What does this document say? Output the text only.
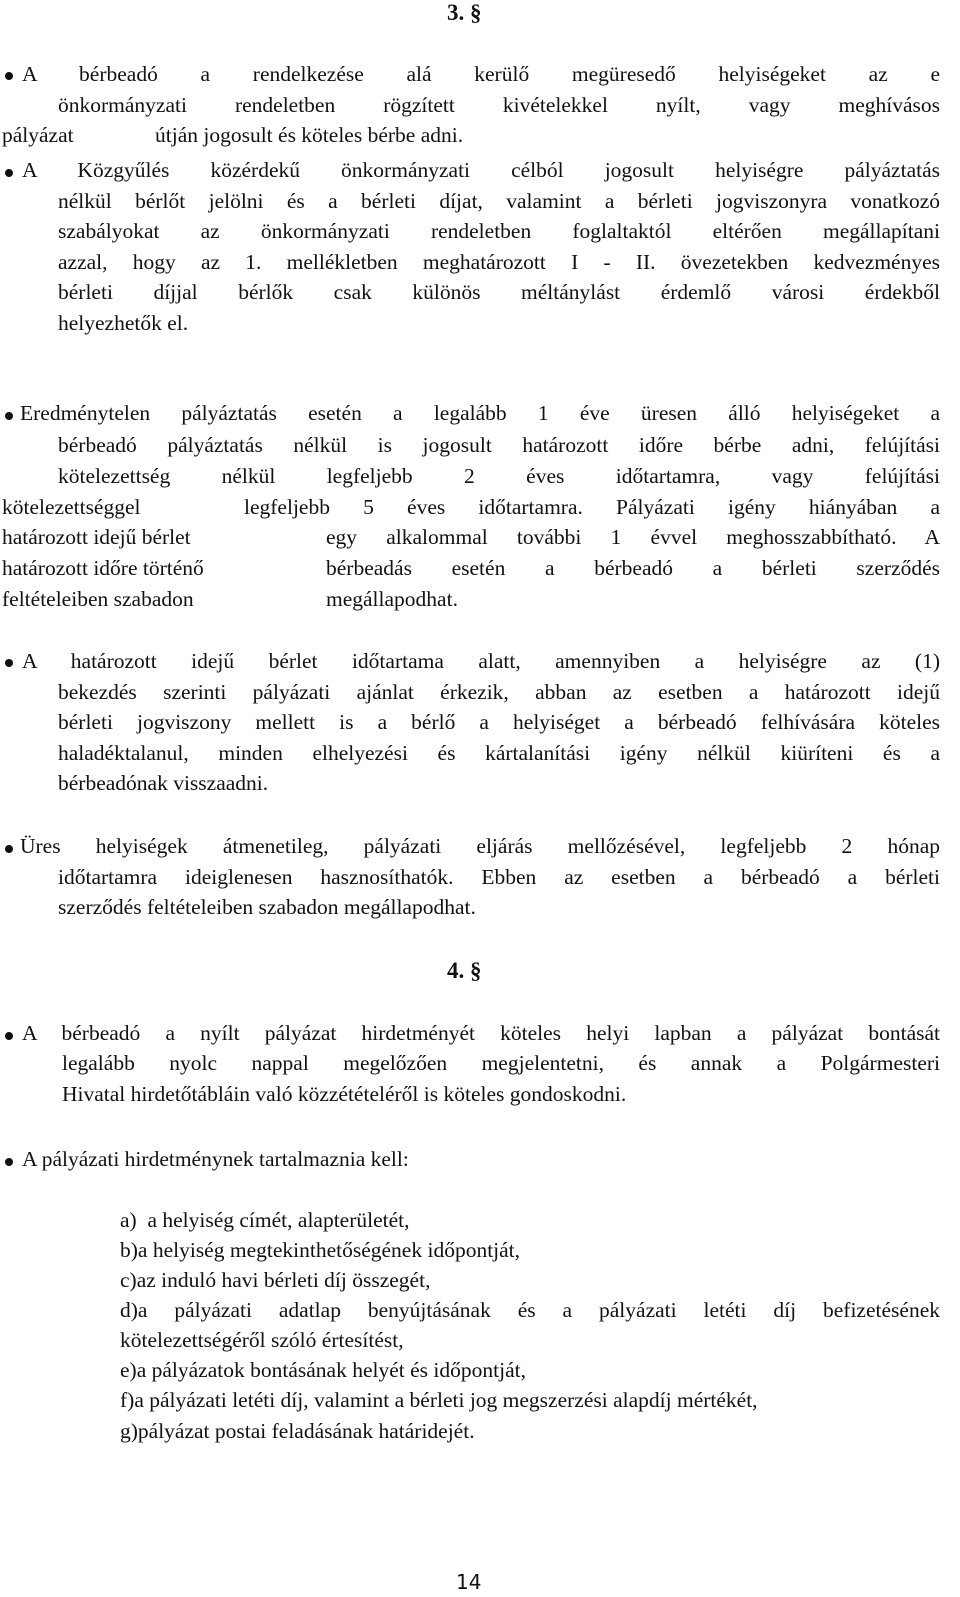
3. §
A bérbeadó a rendelkezése alá kerülő megüresedő helyiségeket az e
önkormányzati rendeletben rögzített kivételekkel nyílt, vagy meghívásos
pályázat	útján jogosult és köteles bérbe adni.
A Közgyűlés közérdekű önkormányzati célból jogosult helyiségre pályáztatás
nélkül bérlőt jelölni és a bérleti díjat, valamint a bérleti jogviszonyra vonatkozó
szabályokat az önkormányzati rendeletben foglaltaktól eltérően megállapítani
azzal, hogy az 1. mellékletben meghatározott I - II. övezetekben kedvezményes
bérleti díjjal bérlők csak különös méltánylást érdemlő városi érdekből
helyezhetők el.
Eredménytelen pályáztatás esetén a legalább 1 éve üresen álló helyiségeket a
bérbeadó pályáztatás nélkül is jogosult határozott időre bérbe adni, felújítási
kötelezettség nélkül legfeljebb 2 éves időtartamra, vagy felújítási
kötelezettséggel	legfeljebb 5 éves időtartamra. Pályázati igény hiányában a
határozott idejű bérlet	egy alkalommal további 1 évvel meghosszabbítható. A
határozott időre történő	bérbeadás esetén a bérbeadó a bérleti szerződés
feltételeiben szabadon	megállapodhat.
A határozott idejű bérlet időtartama alatt, amennyiben a helyiségre az (1)
bekezdés szerinti pályázati ajánlat érkezik, abban az esetben a határozott idejű
bérleti jogviszony mellett is a bérlő a helyiséget a bérbeadó felhívására köteles
haladéktalanul, minden elhelyezési és kártalanítási igény nélkül kiüríteni és a
bérbeadónak visszaadni.
Üres helyiségek átmenetileg, pályázati eljárás mellőzésével, legfeljebb 2 hónap
időtartamra ideiglenesen hasznosíthatók. Ebben az esetben a bérbeadó a bérleti
szerződés feltételeiben szabadon megállapodhat.
4. §
A bérbeadó a nyílt pályázat hirdetményét köteles helyi lapban a pályázat bontását
legalább nyolc nappal megelőzően megjelentetni, és annak a Polgármesteri
Hivatal hirdetőtábláin való közzétételéről is köteles gondoskodni.
A pályázati hirdetménynek tartalmaznia kell:
a)  a helyiség címét, alapterületét,
b)a helyiség megtekinthetőségének időpontját,
c)az induló havi bérleti díj összegét,
d)a pályázati adatlap benyújtásának és a pályázati letéti díj befizetésének
kötelezettségéről szóló értesítést,
e)a pályázatok bontásának helyét és időpontját,
f)a pályázati letéti díj, valamint a bérleti jog megszerzési alapdíj mértékét,
g)pályázat postai feladásának határidejét.
14
